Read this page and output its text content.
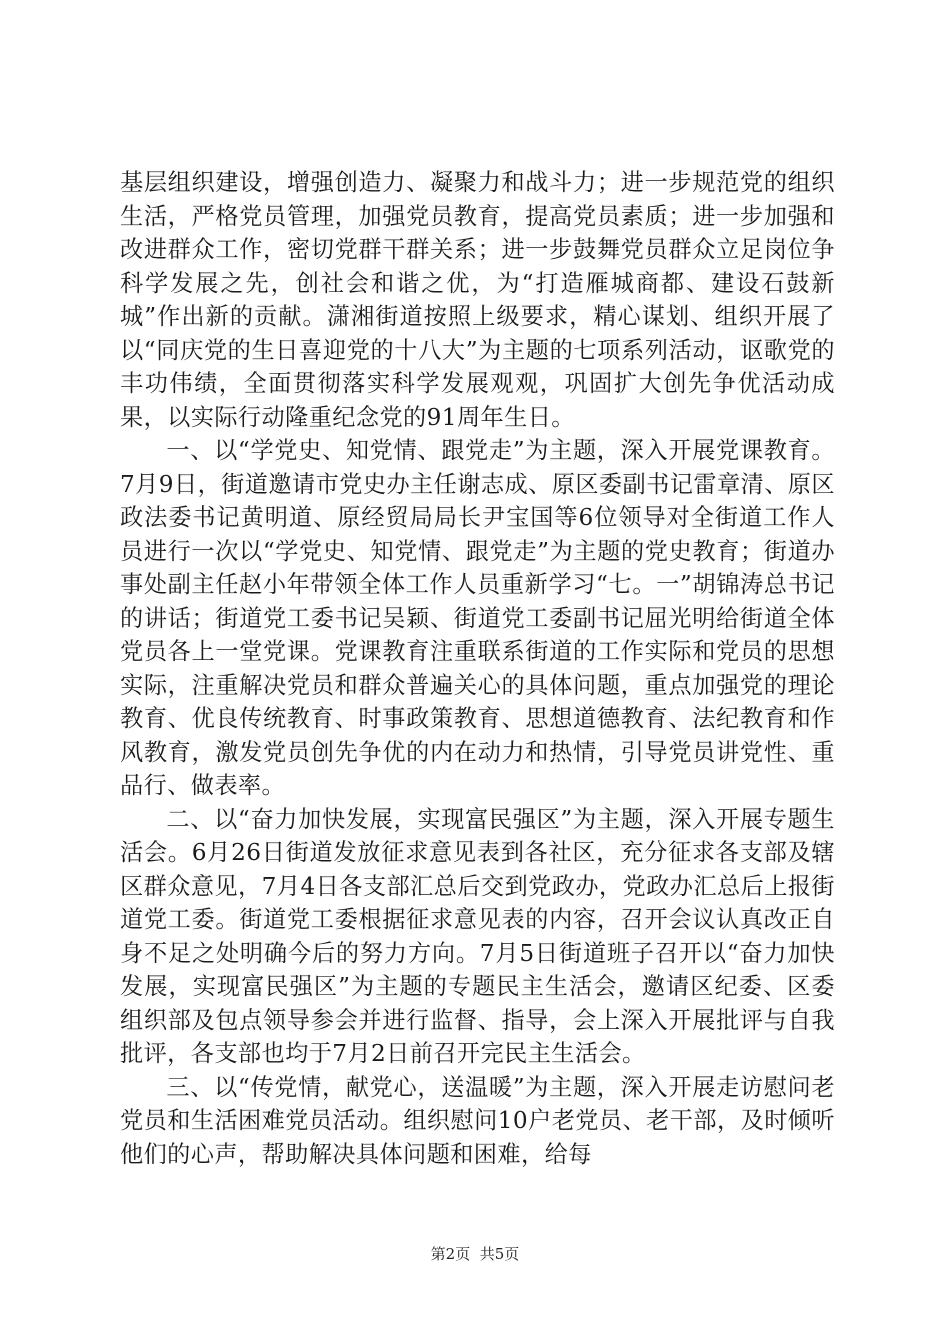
基层组织建设，增强创造力、凝聚力和战斗力；进一步规范党的组织生活，严格党员管理，加强党员教育，提高党员素质；进一步加强和改进群众工作，密切党群干群关系；进一步鼓舞党员群众立足岗位争科学发展之先，创社会和谐之优，为“打造雁城商都、建设石鼓新城”作出新的贡献。潇湘街道按照上级要求，精心谋划、组织开展了以“同庆党的生日喜迎党的十八大”为主题的七项系列活动，讴歌党的丰功伟绩，全面贯彻落实科学发展观观，巩固扩大创先争优活动成果，以实际行动隆重纪念党的91周年生日。

一、以“学党史、知党情、跟党走”为主题，深入开展党课教育。7月9日，街道邀请市党史办主任谢志成、原区委副书记雷章清、原区政法委书记黄明道、原经贸局局长尹宝国等6位领导对全街道工作人员进行一次以“学党史、知党情、跟党走”为主题的党史教育；街道办事处副主任赵小年带领全体工作人员重新学习“七。一”胡锦涛总书记的讲话；街道党工委书记吴颖、街道党工委副书记屈光明给街道全体党员各上一堂党课。党课教育注重联系街道的工作实际和党员的思想实际，注重解决党员和群众普遍关心的具体问题，重点加强党的理论教育、优良传统教育、时事政策教育、思想道德教育、法纪教育和作风教育，激发党员创先争优的内在动力和热情，引导党员讲党性、重品行、做表率。

二、以“奋力加快发展，实现富民强区”为主题，深入开展专题生活会。6月26日街道发放征求意见表到各社区，充分征求各支部及辖区群众意见，7月4日各支部汇总后交到党政办，党政办汇总后上报街道党工委。街道党工委根据征求意见表的内容，召开会议认真改正自身不足之处明确今后的努力方向。7月5日街道班子召开以“奋力加快发展，实现富民强区”为主题的专题民主生活会，邀请区纪委、区委组织部及包点领导参会并进行监督、指导，会上深入开展批评与自我批评，各支部也均于7月2日前召开完民主生活会。

三、以“传党情，献党心，送温暖”为主题，深入开展走访慰问老党员和生活困难党员活动。组织慰问10户老党员、老干部，及时倾听他们的心声，帮助解决具体问题和困难，给每

第2页 共5页
